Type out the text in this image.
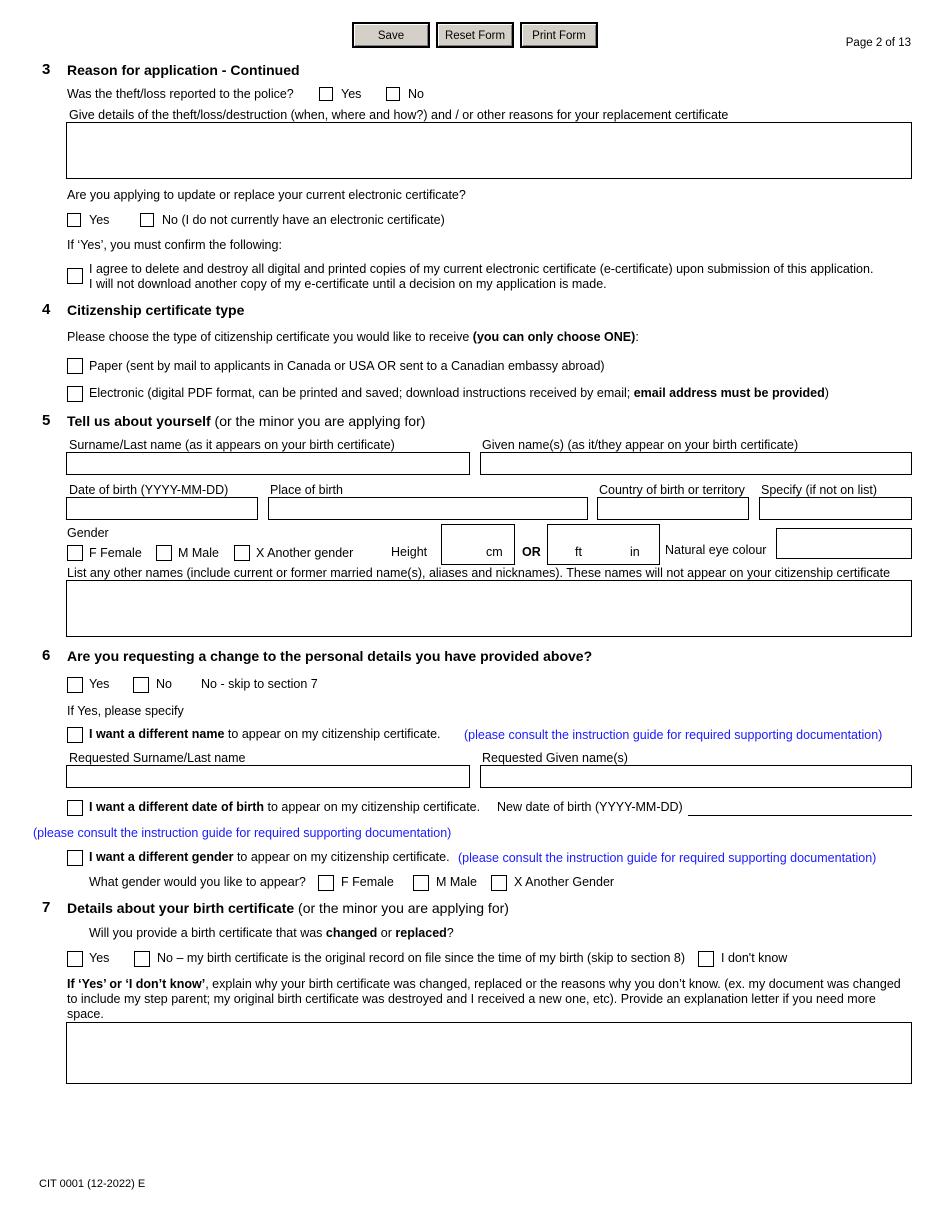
Save	Reset Form	Print Form
Page 2 of 13
3 Reason for application - Continued
Was the theft/loss reported to the police?	Yes	No
Give details of the theft/loss/destruction (when, where and how?) and / or other reasons for your replacement certificate
Are you applying to update or replace your current electronic certificate?
Yes	No (I do not currently have an electronic certificate)
If ‘Yes’, you must confirm the following:
I agree to delete and destroy all digital and printed copies of my current electronic certificate (e-certificate) upon submission of this application.
I will not download another copy of my e-certificate until a decision on my application is made.
4 Citizenship certificate type
Please choose the type of citizenship certificate you would like to receive (you can only choose ONE):
Paper (sent by mail to applicants in Canada or USA OR sent to a Canadian embassy abroad)
Electronic (digital PDF format, can be printed and saved; download instructions received by email; email address must be provided)
5 Tell us about yourself (or the minor you are applying for)
Surname/Last name (as it appears on your birth certificate)	Given name(s) (as it/they appear on your birth certificate)
Date of birth (YYYY-MM-DD)	Place of birth	Country of birth or territory Specify (if not on list)
Gender
F Female	M Male	X Another gender	Height	cm OR	ft	in Natural eye colour
List any other names (include current or former married name(s), aliases and nicknames). These names will not appear on your citizenship certificate
6 Are you requesting a change to the personal details you have provided above?
Yes	No No - skip to section 7
If Yes, please specify
I want a different name to appear on my citizenship certificate. (please consult the instruction guide for required supporting documentation)
Requested Surname/Last name	Requested Given name(s)
I want a different date of birth to appear on my citizenship certificate. New date of birth (YYYY-MM-DD)
(please consult the instruction guide for required supporting documentation)
I want a different gender to appear on my citizenship certificate. (please consult the instruction guide for required supporting documentation)
What gender would you like to appear?	F Female	M Male	X Another Gender
7 Details about your birth certificate (or the minor you are applying for)
Will you provide a birth certificate that was changed or replaced?
Yes	No – my birth certificate is the original record on file since the time of my birth (skip to section 8)	I don't know
If ‘Yes’ or ‘I don’t know’, explain why your birth certificate was changed, replaced or the reasons why you don’t know. (ex. my document was changed
to include my step parent; my original birth certificate was destroyed and I received a new one, etc). Provide an explanation letter if you need more
space.
CIT 0001 (12-2022) E
